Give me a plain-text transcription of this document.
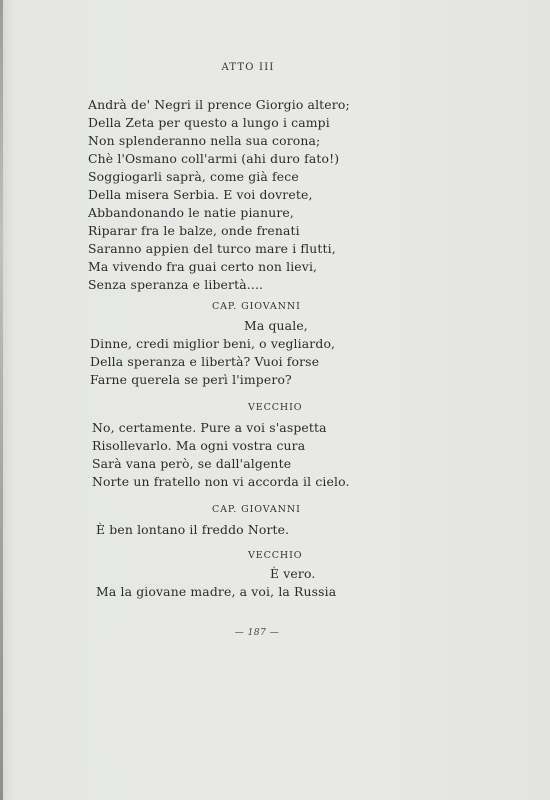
ATTO III
Andrà de' Negri il prence Giorgio altero;
Della Zeta per questo a lungo i campi
Non splenderanno nella sua corona;
Chè l'Osmano coll'armi (ahi duro fato!)
Soggiogarli saprà, come già fece
Della misera Serbia. E voi dovrete,
Abbandonando le natie pianure,
Riparar fra le balze, onde frenati
Saranno appien del turco mare i flutti,
Ma vivendo fra guai certo non lievi,
Senza speranza e libertà....
CAP. GIOVANNI
Ma quale,
Dinne, credi miglior beni, o vegliardo,
Della speranza e libertà? Vuoi forse
Farne querela se perì l'impero?
VECCHIO
No, certamente. Pure a voi s'aspetta
Risollevarlo. Ma ogni vostra cura
Sarà vana però, se dall'algente
Norte un fratello non vi accorda il cielo.
CAP. GIOVANNI
È ben lontano il freddo Norte.
VECCHIO
È vero.
Ma la giovane madre, a voi, la Russia
— 187 —
